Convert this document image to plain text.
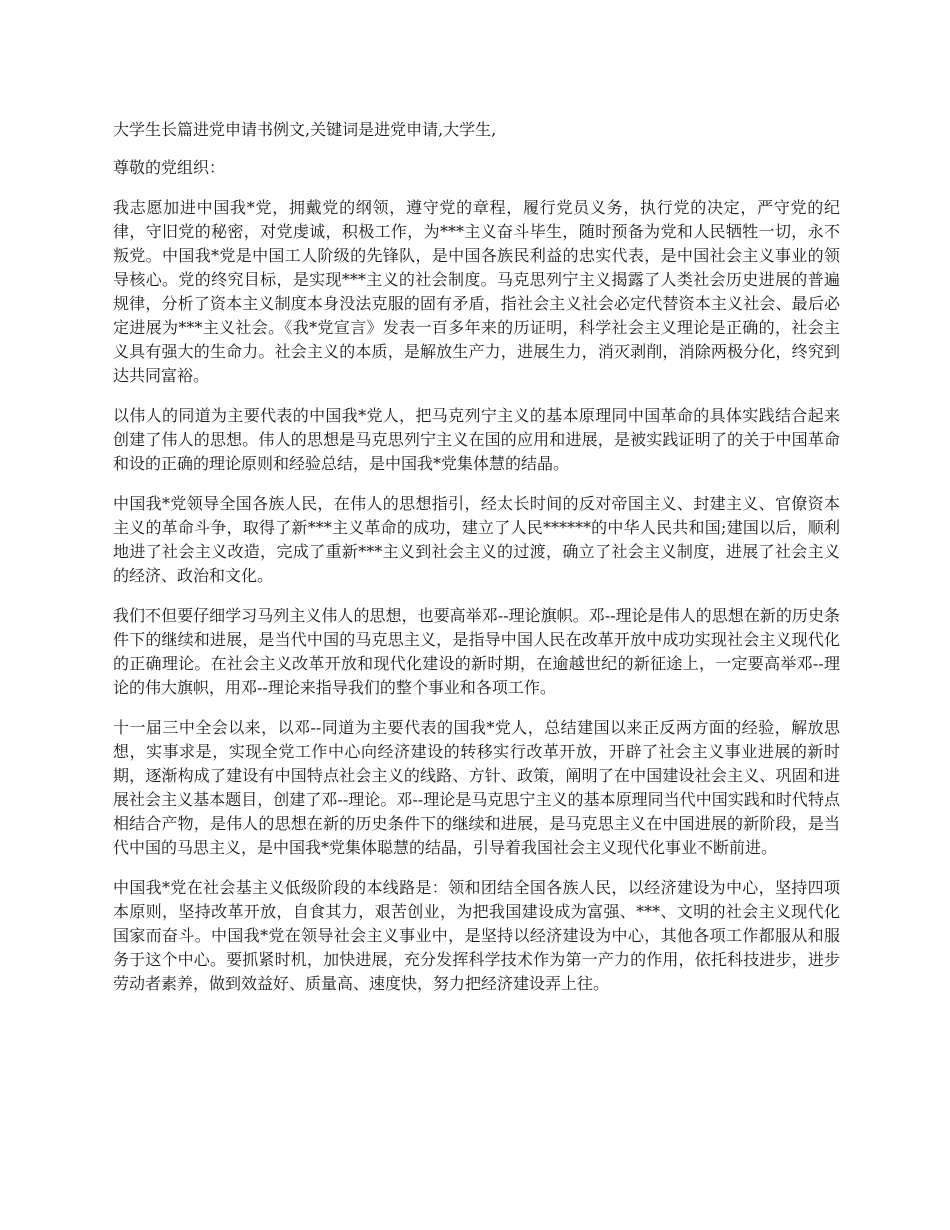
大学生长篇进党申请书例文,关键词是进党申请,大学生,

尊敬的党组织：

我志愿加进中国我*党，拥戴党的纲领，遵守党的章程，履行党员义务，执行党的决定，严守党的纪律，守旧党的秘密，对党虔诚，积极工作，为***主义奋斗毕生，随时预备为党和人民牺牲一切，永不叛党。中国我*党是中国工人阶级的先锋队，是中国各族民利益的忠实代表，是中国社会主义事业的领导核心。党的终究目标，是实现***主义的社会制度。马克思列宁主义揭露了人类社会历史进展的普遍规律，分析了资本主义制度本身没法克服的固有矛盾，指社会主义社会必定代替资本主义社会、最后必定进展为***主义社会。《我*党宣言》发表一百多年来的历证明，科学社会主义理论是正确的，社会主义具有强大的生命力。社会主义的本质，是解放生产力，进展生力，消灭剥削，消除两极分化，终究到达共同富裕。

以伟人的同道为主要代表的中国我*党人，把马克列宁主义的基本原理同中国革命的具体实践结合起来创建了伟人的思想。伟人的思想是马克思列宁主义在国的应用和进展，是被实践证明了的关于中国革命和设的正确的理论原则和经验总结，是中国我*党集体慧的结晶。

中国我*党领导全国各族人民，在伟人的思想指引，经太长时间的反对帝国主义、封建主义、官僚资本主义的革命斗争，取得了新***主义革命的成功，建立了人民******的中华人民共和国;建国以后，顺利地进了社会主义改造，完成了重新***主义到社会主义的过渡，确立了社会主义制度，进展了社会主义的经济、政治和文化。

我们不但要仔细学习马列主义伟人的思想，也要高举邓--理论旗帜。邓--理论是伟人的思想在新的历史条件下的继续和进展，是当代中国的马克思主义，是指导中国人民在改革开放中成功实现社会主义现代化的正确理论。在社会主义改革开放和现代化建设的新时期，在逾越世纪的新征途上，一定要高举邓--理论的伟大旗帜，用邓--理论来指导我们的整个事业和各项工作。

十一届三中全会以来，以邓--同道为主要代表的国我*党人，总结建国以来正反两方面的经验，解放思想，实事求是，实现全党工作中心向经济建设的转移实行改革开放，开辟了社会主义事业进展的新时期，逐渐构成了建设有中国特点社会主义的线路、方针、政策，阐明了在中国建设社会主义、巩固和进展社会主义基本题目，创建了邓--理论。邓--理论是马克思宁主义的基本原理同当代中国实践和时代特点相结合产物，是伟人的思想在新的历史条件下的继续和进展，是马克思主义在中国进展的新阶段，是当代中国的马思主义，是中国我*党集体聪慧的结晶，引导着我国社会主义现代化事业不断前进。

中国我*党在社会基主义低级阶段的本线路是：领和团结全国各族人民，以经济建设为中心，坚持四项本原则，坚持改革开放，自食其力，艰苦创业，为把我国建设成为富强、***、文明的社会主义现代化国家而奋斗。中国我*党在领导社会主义事业中，是坚持以经济建设为中心，其他各项工作都服从和服务于这个中心。要抓紧时机，加快进展，充分发挥科学技术作为第一产力的作用，依托科技进步，进步劳动者素养，做到效益好、质量高、速度快，努力把经济建设弄上往。
